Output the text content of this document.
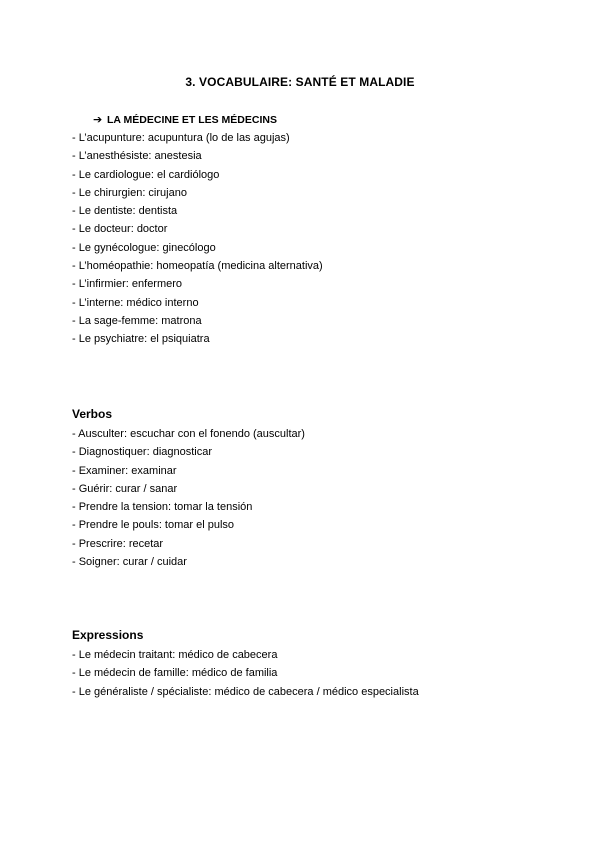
3. VOCABULAIRE: SANTÉ ET MALADIE
➔ LA MÉDECINE ET LES MÉDECINS
- L’acupunture: acupuntura (lo de las agujas)
- L’anesthésiste: anestesia
- Le cardiologue: el cardiólogo
- Le chirurgien: cirujano
- Le dentiste: dentista
- Le docteur: doctor
- Le gynécologue: ginecólogo
- L’homéopathie: homeopatía (medicina alternativa)
- L’infirmier: enfermero
- L’interne: médico interno
- La sage-femme: matrona
- Le psychiatre: el psiquiatra
Verbos
- Ausculter: escuchar con el fonendo (auscultar)
- Diagnostiquer: diagnosticar
- Examiner: examinar
- Guérir: curar / sanar
- Prendre la tension: tomar la tensión
- Prendre le pouls: tomar el pulso
- Prescrire: recetar
- Soigner: curar / cuidar
Expressions
- Le médecin traitant: médico de cabecera
- Le médecin de famille: médico de familia
- Le généraliste / spécialiste: médico de cabecera / médico especialista
